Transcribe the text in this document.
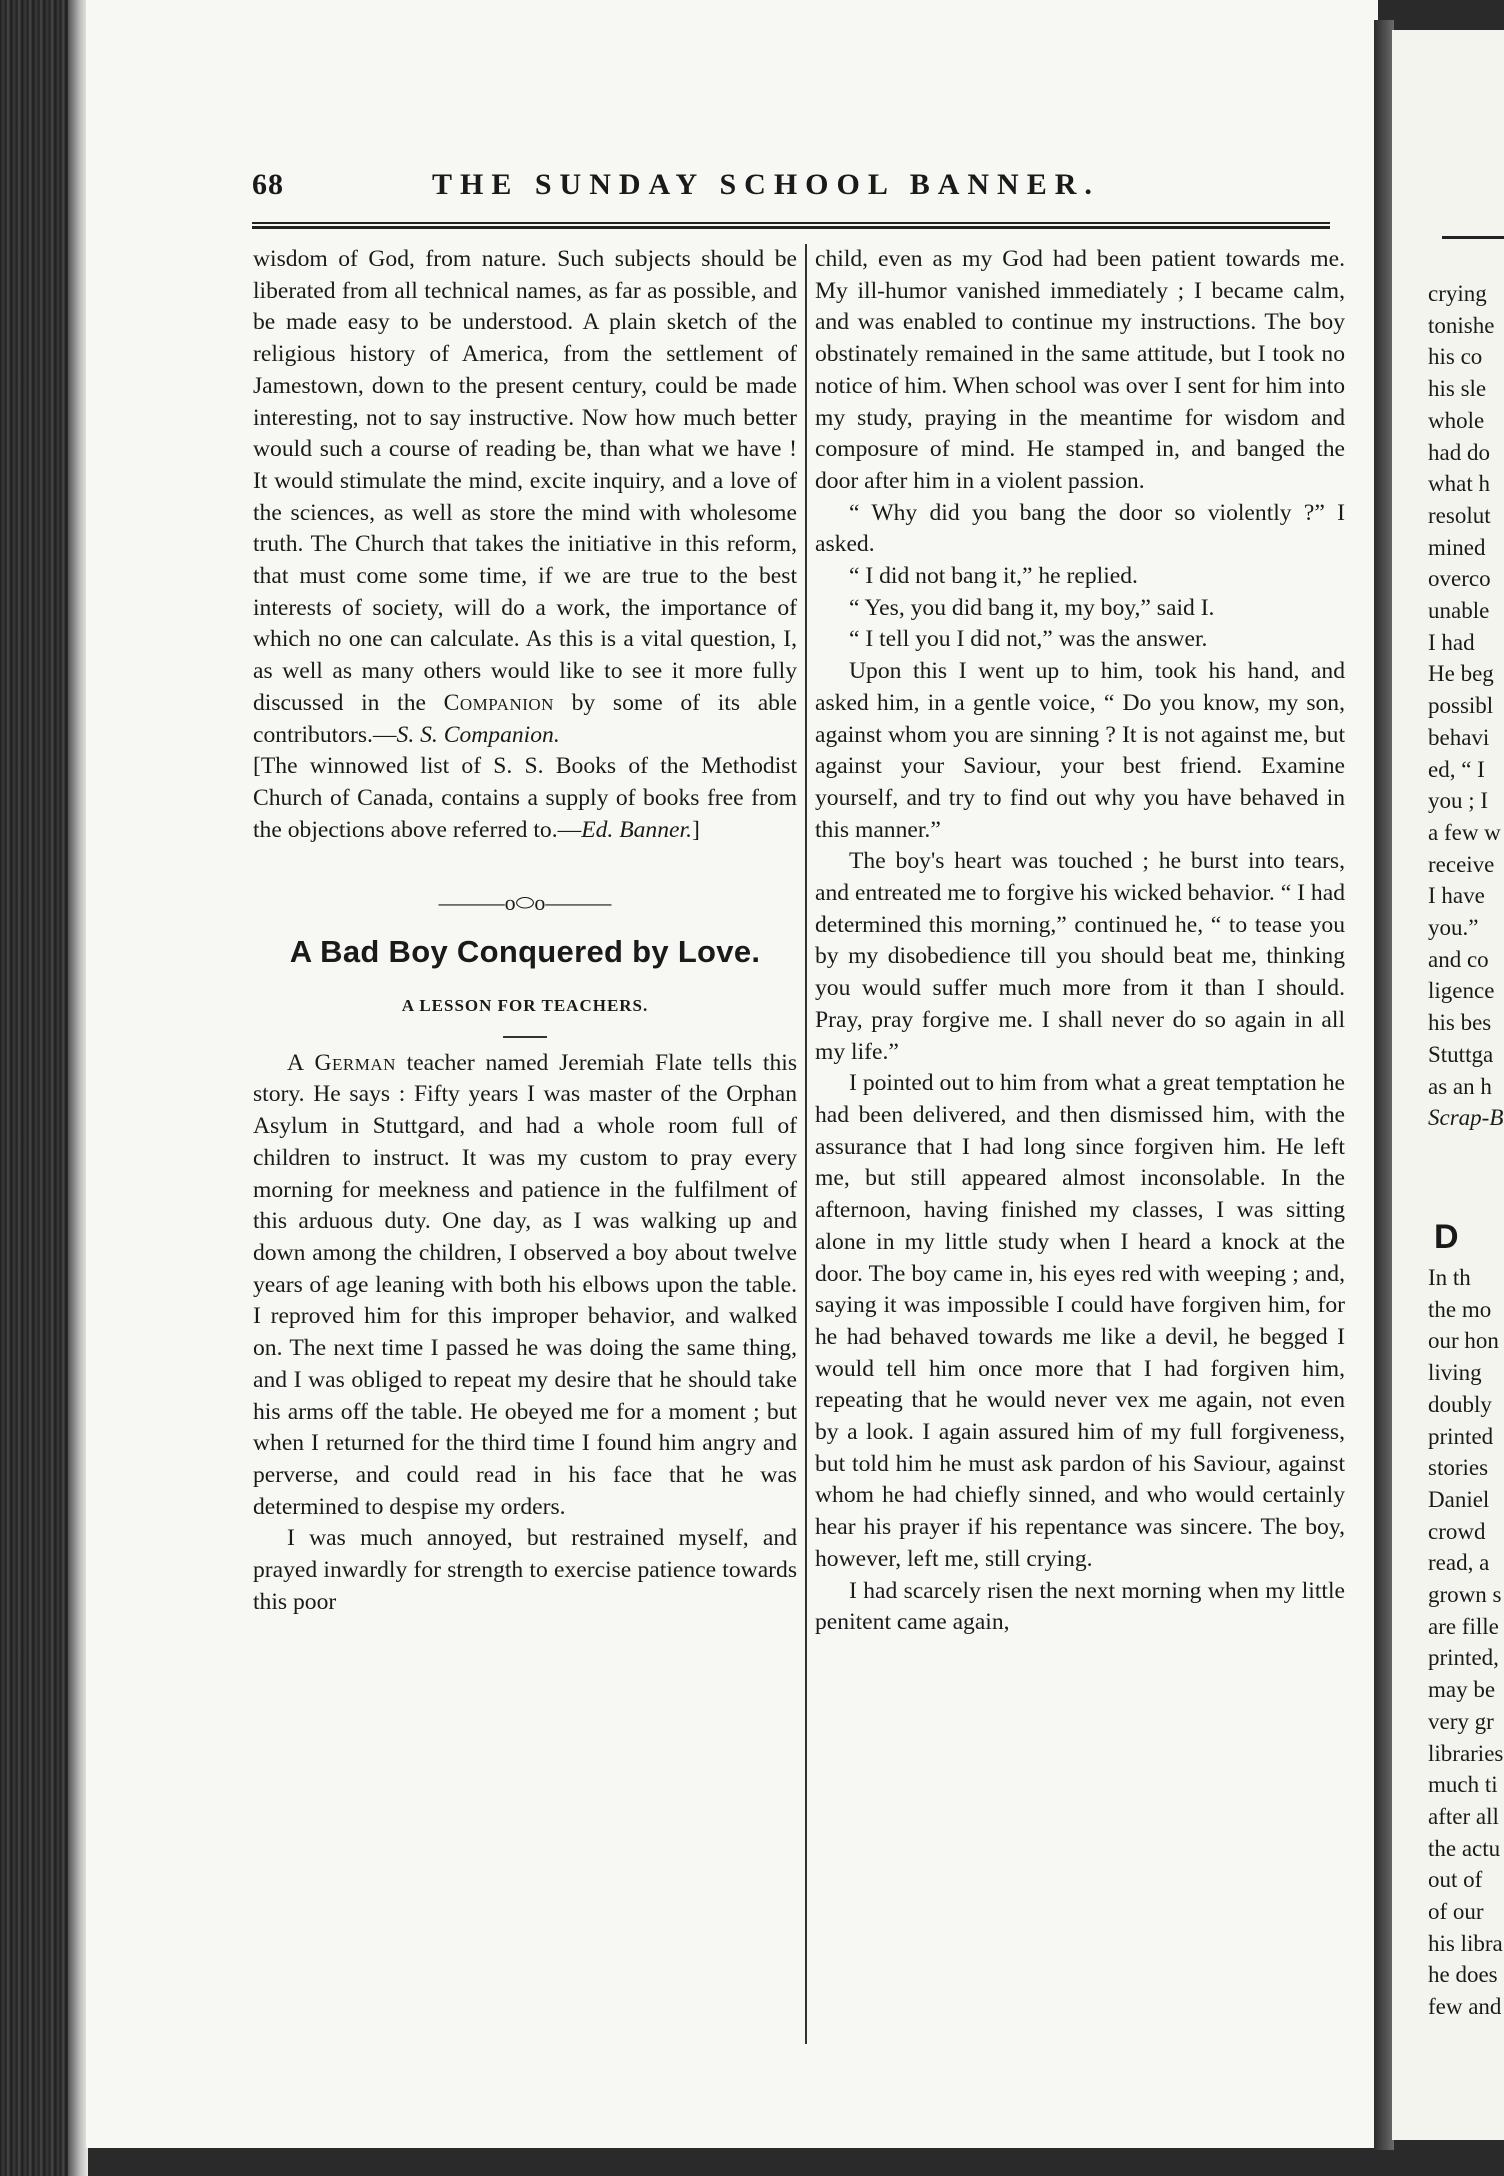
68	THE SUNDAY SCHOOL BANNER.

wisdom of God, from nature. Such subjects should be liberated from all technical names, as far as possible, and be made easy to be understood. A plain sketch of the religious history of America, from the settlement of Jamestown, down to the present century, could be made interesting, not to say instructive. Now how much better would such a course of reading be, than what we have ! It would stimulate the mind, excite inquiry, and a love of the sciences, as well as store the mind with wholesome truth. The Church that takes the initiative in this reform, that must come some time, if we are true to the best interests of society, will do a work, the importance of which no one can calculate. As this is a vital question, I, as well as many others would like to see it more fully discussed in the Companion by some of its able contributors.—S. S. Companion.

[The winnowed list of S. S. Books of the Methodist Church of Canada, contains a supply of books free from the objections above referred to.—Ed. Banner.]

———o⬭o———
A Bad Boy Conquered by Love.
A LESSON FOR TEACHERS.

A German teacher named Jeremiah Flate tells this story. He says : Fifty years I was master of the Orphan Asylum in Stuttgard, and had a whole room full of children to instruct. It was my custom to pray every morning for meekness and patience in the fulfilment of this arduous duty. One day, as I was walking up and down among the children, I observed a boy about twelve years of age leaning with both his elbows upon the table. I reproved him for this improper behavior, and walked on. The next time I passed he was doing the same thing, and I was obliged to repeat my desire that he should take his arms off the table. He obeyed me for a moment ; but when I returned for the third time I found him angry and perverse, and could read in his face that he was determined to despise my orders.

I was much annoyed, but restrained myself, and prayed inwardly for strength to exercise patience towards this poor

child, even as my God had been patient towards me. My ill-humor vanished immediately ; I became calm, and was enabled to continue my instructions. The boy obstinately remained in the same attitude, but I took no notice of him. When school was over I sent for him into my study, praying in the meantime for wisdom and composure of mind. He stamped in, and banged the door after him in a violent passion.

“ Why did you bang the door so violently ?” I asked.

“ I did not bang it,” he replied.

“ Yes, you did bang it, my boy,” said I.

“ I tell you I did not,” was the answer.

Upon this I went up to him, took his hand, and asked him, in a gentle voice, “ Do you know, my son, against whom you are sinning ? It is not against me, but against your Saviour, your best friend. Examine yourself, and try to find out why you have behaved in this manner.”

The boy's heart was touched ; he burst into tears, and entreated me to forgive his wicked behavior. “ I had determined this morning,” continued he, “ to tease you by my disobedience till you should beat me, thinking you would suffer much more from it than I should. Pray, pray forgive me. I shall never do so again in all my life.”

I pointed out to him from what a great temptation he had been delivered, and then dismissed him, with the assurance that I had long since forgiven him. He left me, but still appeared almost inconsolable. In the afternoon, having finished my classes, I was sitting alone in my little study when I heard a knock at the door. The boy came in, his eyes red with weeping ; and, saying it was impossible I could have forgiven him, for he had behaved towards me like a devil, he begged I would tell him once more that I had forgiven him, repeating that he would never vex me again, not even by a look. I again assured him of my full forgiveness, but told him he must ask pardon of his Saviour, against whom he had chiefly sinned, and who would certainly hear his prayer if his repentance was sincere. The boy, however, left me, still crying.

I had scarcely risen the next morning when my little penitent came again,

crying
tonishe
his co
his sle
whole
had do
what h
resolut
mined
overco
unable
I had
He beg
possibl
behavi
ed, “ I
you ; I
a few w
receive
I have
you.”
and co
ligence
his bes
Stuttga
as an h
Scrap-B
D
In th
the mo
our hon
living
doubly
printed
stories
Daniel
crowd
read, a
grown s
are fille
printed,
may be
very gr
libraries
much ti
after all
the actu
out of
of our
his libra
he does
few and
